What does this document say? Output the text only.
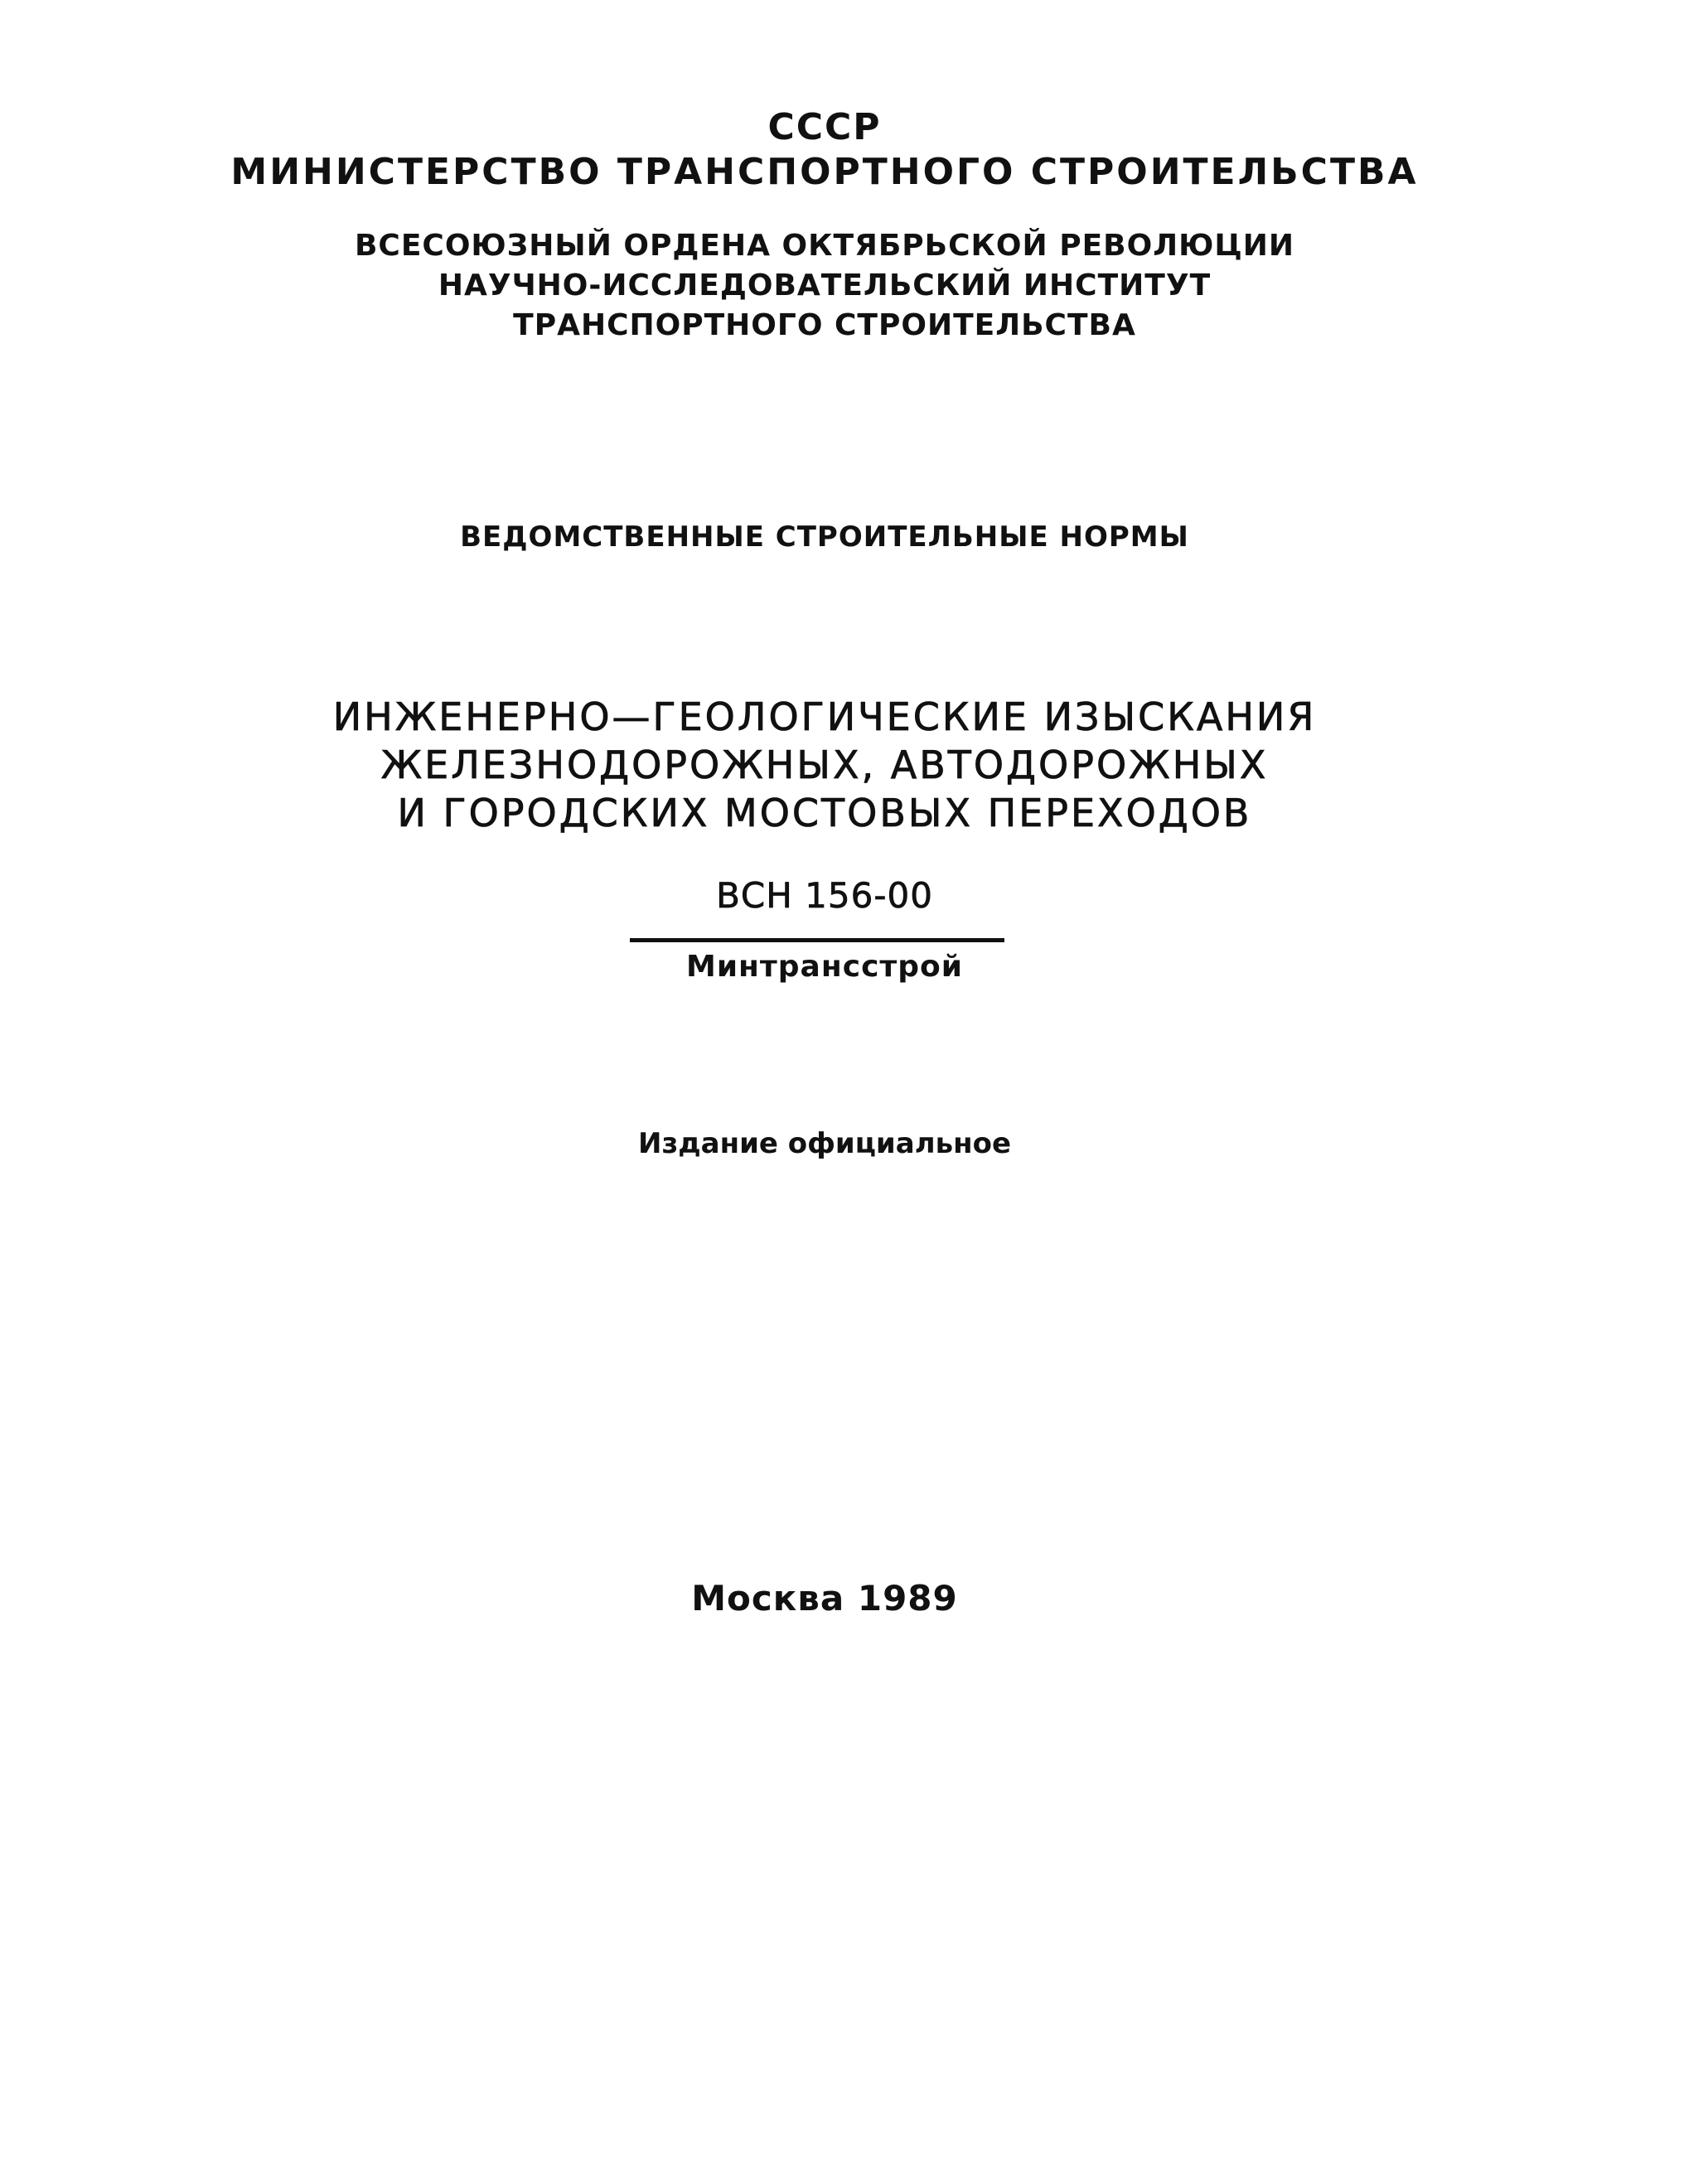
СССР
МИНИСТЕРСТВО ТРАНСПОРТНОГО СТРОИТЕЛЬСТВА
ВСЕСОЮЗНЫЙ ОРДЕНА ОКТЯБРЬСКОЙ РЕВОЛЮЦИИ
НАУЧНО-ИССЛЕДОВАТЕЛЬСКИЙ ИНСТИТУТ
ТРАНСПОРТНОГО СТРОИТЕЛЬСТВА
ВЕДОМСТВЕННЫЕ СТРОИТЕЛЬНЫЕ НОРМЫ
ИНЖЕНЕРНО—ГЕОЛОГИЧЕСКИЕ ИЗЫСКАНИЯ
ЖЕЛЕЗНОДОРОЖНЫХ, АВТОДОРОЖНЫХ
И ГОРОДСКИХ МОСТОВЫХ ПЕРЕХОДОВ
ВСН 156-00
Минтрансстрой
Издание официальное
Москва 1989
